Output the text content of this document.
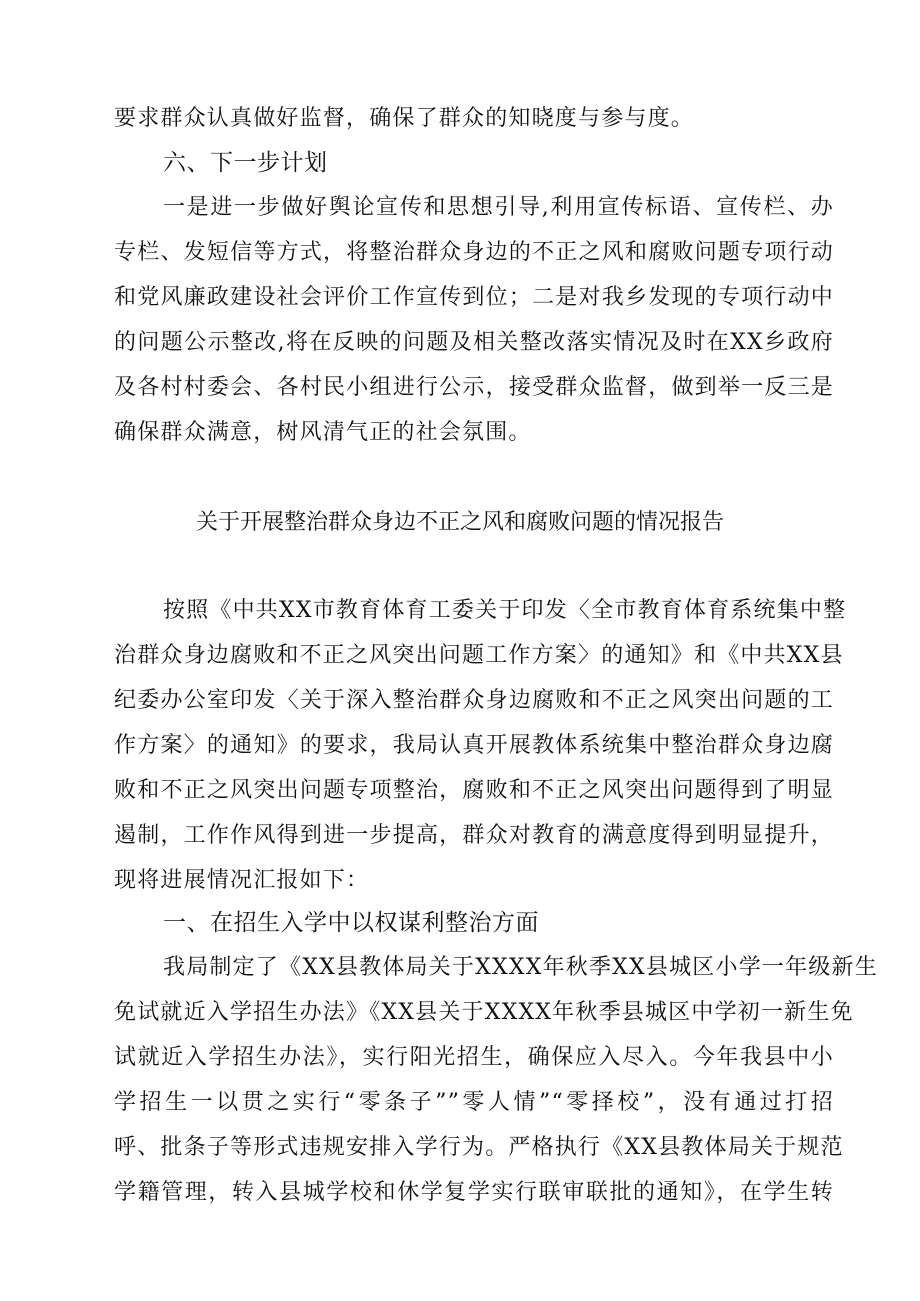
要求群众认真做好监督，确保了群众的知晓度与参与度。
六、下一步计划
一是进一步做好舆论宣传和思想引导,利用宣传标语、宣传栏、办
专栏、发短信等方式，将整治群众身边的不正之风和腐败问题专项行动
和党风廉政建设社会评价工作宣传到位；二是对我乡发现的专项行动中
的问题公示整改,将在反映的问题及相关整改落实情况及时在XX乡政府
及各村村委会、各村民小组进行公示，接受群众监督，做到举一反三是
确保群众满意，树风清气正的社会氛围。
关于开展整治群众身边不正之风和腐败问题的情况报告
按照《中共XX市教育体育工委关于印发〈全市教育体育系统集中整
治群众身边腐败和不正之风突出问题工作方案〉的通知》和《中共XX县
纪委办公室印发〈关于深入整治群众身边腐败和不正之风突出问题的工
作方案〉的通知》的要求，我局认真开展教体系统集中整治群众身边腐
败和不正之风突出问题专项整治，腐败和不正之风突出问题得到了明显
遏制，工作作风得到进一步提高，群众对教育的满意度得到明显提升，
现将进展情况汇报如下：
一、在招生入学中以权谋利整治方面
我局制定了《XX县教体局关于XXXX年秋季XX县城区小学一年级新生
免试就近入学招生办法》《XX县关于XXXX年秋季县城区中学初一新生免
试就近入学招生办法》，实行阳光招生，确保应入尽入。今年我县中小
学招生一以贯之实行“零条子””零人情”“零择校”，没有通过打招
呼、批条子等形式违规安排入学行为。严格执行《XX县教体局关于规范
学籍管理，转入县城学校和休学复学实行联审联批的通知》，在学生转
